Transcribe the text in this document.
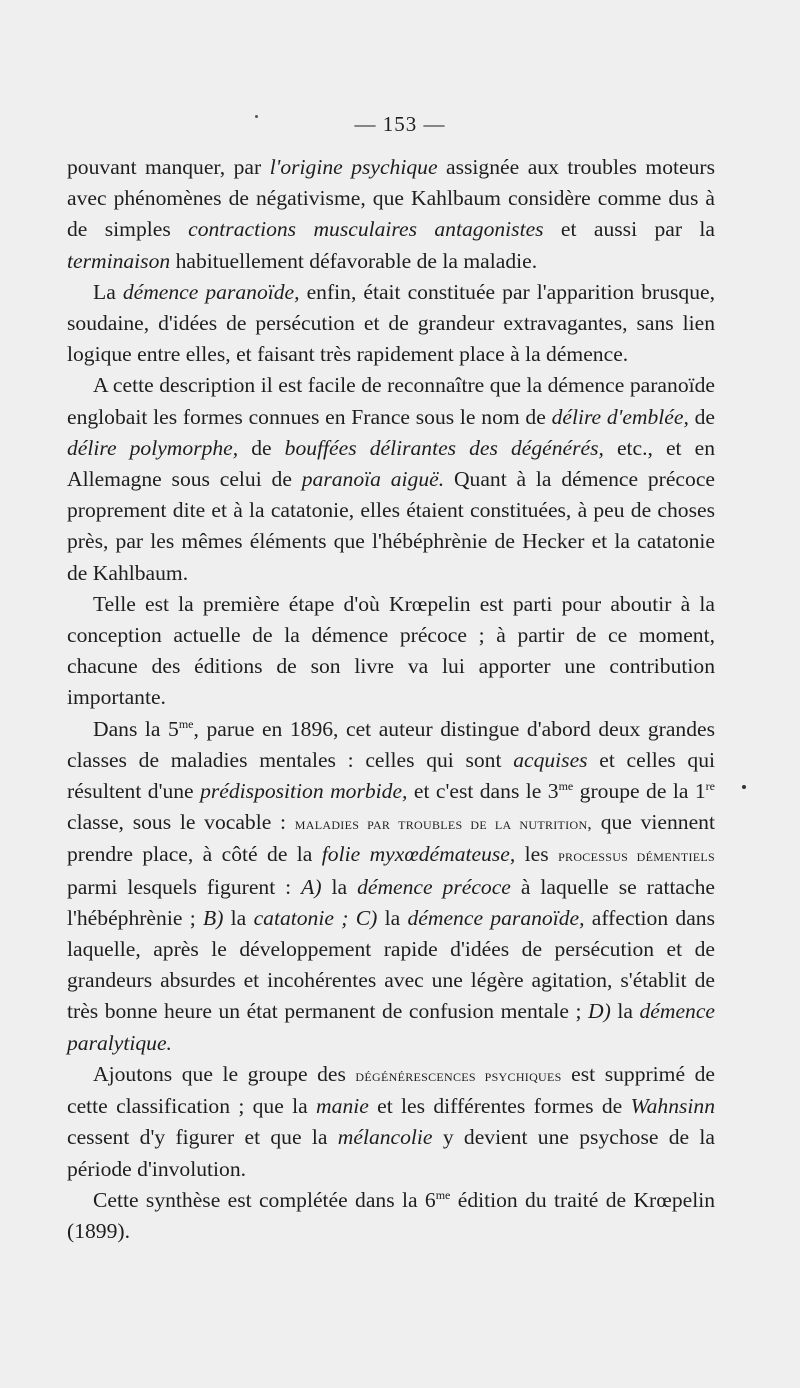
— 153 —

pouvant manquer, par l'origine psychique assignée aux troubles moteurs avec phénomènes de négativisme, que Kahlbaum considère comme dus à de simples contractions musculaires antagonistes et aussi par la terminaison habituellement défavorable de la maladie.

La démence paranoïde, enfin, était constituée par l'apparition brusque, soudaine, d'idées de persécution et de grandeur extravagantes, sans lien logique entre elles, et faisant très rapidement place à la démence.

A cette description il est facile de reconnaître que la démence paranoïde englobait les formes connues en France sous le nom de délire d'emblée, de délire polymorphe, de bouffées délirantes des dégénérés, etc., et en Allemagne sous celui de paranoïa aiguë. Quant à la démence précoce proprement dite et à la catatonie, elles étaient constituées, à peu de choses près, par les mêmes éléments que l'hébéphrènie de Hecker et la catatonie de Kahlbaum.

Telle est la première étape d'où Krœpelin est parti pour aboutir à la conception actuelle de la démence précoce ; à partir de ce moment, chacune des éditions de son livre va lui apporter une contribution importante.

Dans la $5^{me}$, parue en 1896, cet auteur distingue d'abord deux grandes classes de maladies mentales : celles qui sont acquises et celles qui résultent d'une prédisposition morbide, et c'est dans le $3^{me}$ groupe de la 1re classe, sous le vocable : maladies par troubles de la nutrition, que viennent prendre place, à côté de la folie myxœdémateuse, les processus démentiels parmi lesquels figurent : A) la démence précoce à laquelle se rattache l'hébéphrènie ; B) la catatonie ; C) la démence paranoïde, affection dans laquelle, après le développement rapide d'idées de persécution et de grandeurs absurdes et incohérentes avec une légère agitation, s'établit de très bonne heure un état permanent de confusion mentale ; D) la démence paralytique.

Ajoutons que le groupe des dégénérescences psychiques est supprimé de cette classification ; que la manie et les différentes formes de Wahnsinn cessent d'y figurer et que la mélancolie y devient une psychose de la période d'involution.

Cette synthèse est complétée dans la $6^{me}$ édition du traité de Krœpelin (1899).
